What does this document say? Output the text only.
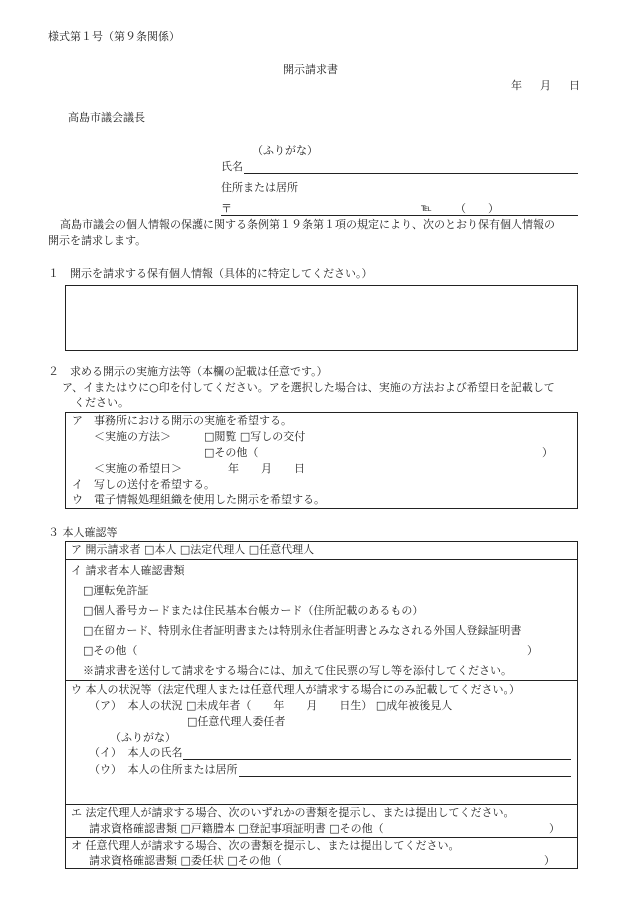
様式第１号（第９条関係）
開示請求書
年 月 日
高島市議会議長
（ふりがな）
氏名
住所または居所
〒	℡ （　　）
高島市議会の個人情報の保護に関する条例第１９条第１項の規定により、次のとおり保有個人情報の
開示を請求します。
１　開示を請求する保有個人情報（具体的に特定してください。）
２　求める開示の実施方法等（本欄の記載は任意です。）
ア、イまたはウに○印を付してください。アを選択した場合は、実施の方法および希望日を記載して
ください。
ア　事務所における開示の実施を希望する。
＜実施の方法＞	□閲覧 □写しの交付
□その他（	）
＜実施の希望日＞	年　　月　　日
イ　写しの送付を希望する。
ウ　電子情報処理組織を使用した開示を希望する。
３ 本人確認等
ア 開示請求者 □本人 □法定代理人 □任意代理人
イ 請求者本人確認書類
□運転免許証
□個人番号カードまたは住民基本台帳カード（住所記載のあるもの）
□在留カード、特別永住者証明書または特別永住者証明書とみなされる外国人登録証明書
□その他（	）
※請求書を送付して請求をする場合には、加えて住民票の写し等を添付してください。
ウ 本人の状況等（法定代理人または任意代理人が請求する場合にのみ記載してください。）
（ア）　本人の状況 □未成年者（　　年　　月　　日生） □成年被後見人
□任意代理人委任者
（ふりがな）
（イ）　本人の氏名
（ウ）　本人の住所または居所
エ 法定代理人が請求する場合、次のいずれかの書類を提示し、または提出してください。
請求資格確認書類 □戸籍謄本 □登記事項証明書 □その他（	）
オ 任意代理人が請求する場合、次の書類を提示し、または提出してください。
請求資格確認書類 □委任状 □その他（	）
